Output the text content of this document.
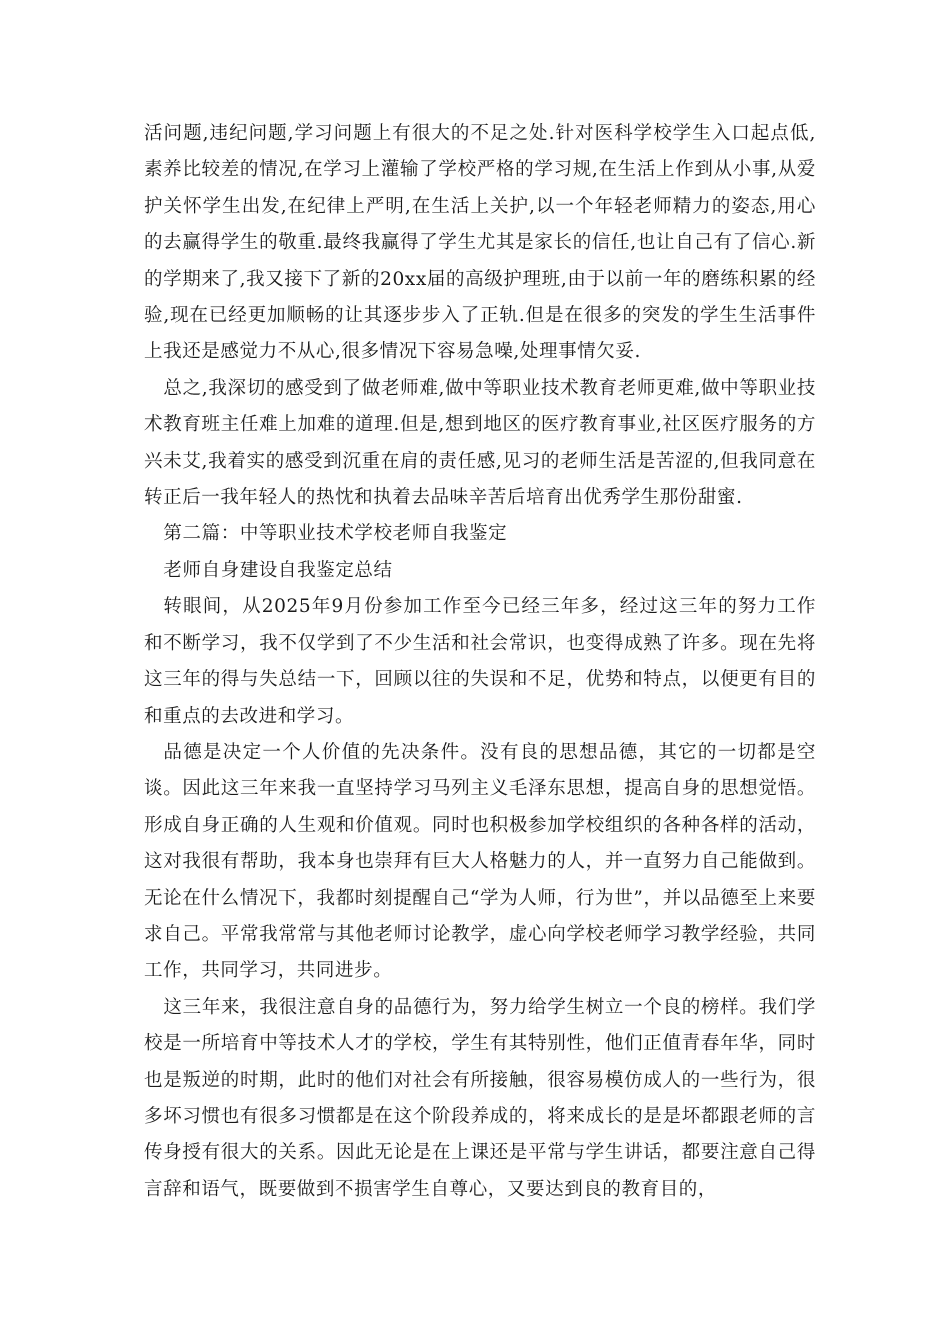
活问题,违纪问题,学习问题上有很大的不足之处.针对医科学校学生入口起点低,素养比较差的情况,在学习上灌输了学校严格的学习规,在生活上作到从小事,从爱护关怀学生出发,在纪律上严明,在生活上关护,以一个年轻老师精力的姿态,用心的去赢得学生的敬重.最终我赢得了学生尤其是家长的信任,也让自己有了信心.新的学期来了,我又接下了新的20xx届的高级护理班,由于以前一年的磨练积累的经验,现在已经更加顺畅的让其逐步步入了正轨.但是在很多的突发的学生生活事件上我还是感觉力不从心,很多情况下容易急噪,处理事情欠妥.

总之,我深切的感受到了做老师难,做中等职业技术教育老师更难,做中等职业技术教育班主任难上加难的道理.但是,想到地区的医疗教育事业,社区医疗服务的方兴未艾,我着实的感受到沉重在肩的责任感,见习的老师生活是苦涩的,但我同意在转正后一我年轻人的热忱和执着去品味辛苦后培育出优秀学生那份甜蜜.

第二篇：中等职业技术学校老师自我鉴定

老师自身建设自我鉴定总结

转眼间，从2025年9月份参加工作至今已经三年多，经过这三年的努力工作和不断学习，我不仅学到了不少生活和社会常识，也变得成熟了许多。现在先将这三年的得与失总结一下，回顾以往的失误和不足，优势和特点，以便更有目的和重点的去改进和学习。

品德是决定一个人价值的先决条件。没有良的思想品德，其它的一切都是空谈。因此这三年来我一直坚持学习马列主义毛泽东思想，提高自身的思想觉悟。形成自身正确的人生观和价值观。同时也积极参加学校组织的各种各样的活动，这对我很有帮助，我本身也崇拜有巨大人格魅力的人，并一直努力自己能做到。无论在什么情况下，我都时刻提醒自己“学为人师，行为世”，并以品德至上来要求自己。平常我常常与其他老师讨论教学，虚心向学校老师学习教学经验，共同工作，共同学习，共同进步。

这三年来，我很注意自身的品德行为，努力给学生树立一个良的榜样。我们学校是一所培育中等技术人才的学校，学生有其特别性，他们正值青春年华，同时也是叛逆的时期，此时的他们对社会有所接触，很容易模仿成人的一些行为，很多坏习惯也有很多习惯都是在这个阶段养成的，将来成长的是是坏都跟老师的言传身授有很大的关系。因此无论是在上课还是平常与学生讲话，都要注意自己得言辞和语气，既要做到不损害学生自尊心，又要达到良的教育目的，
